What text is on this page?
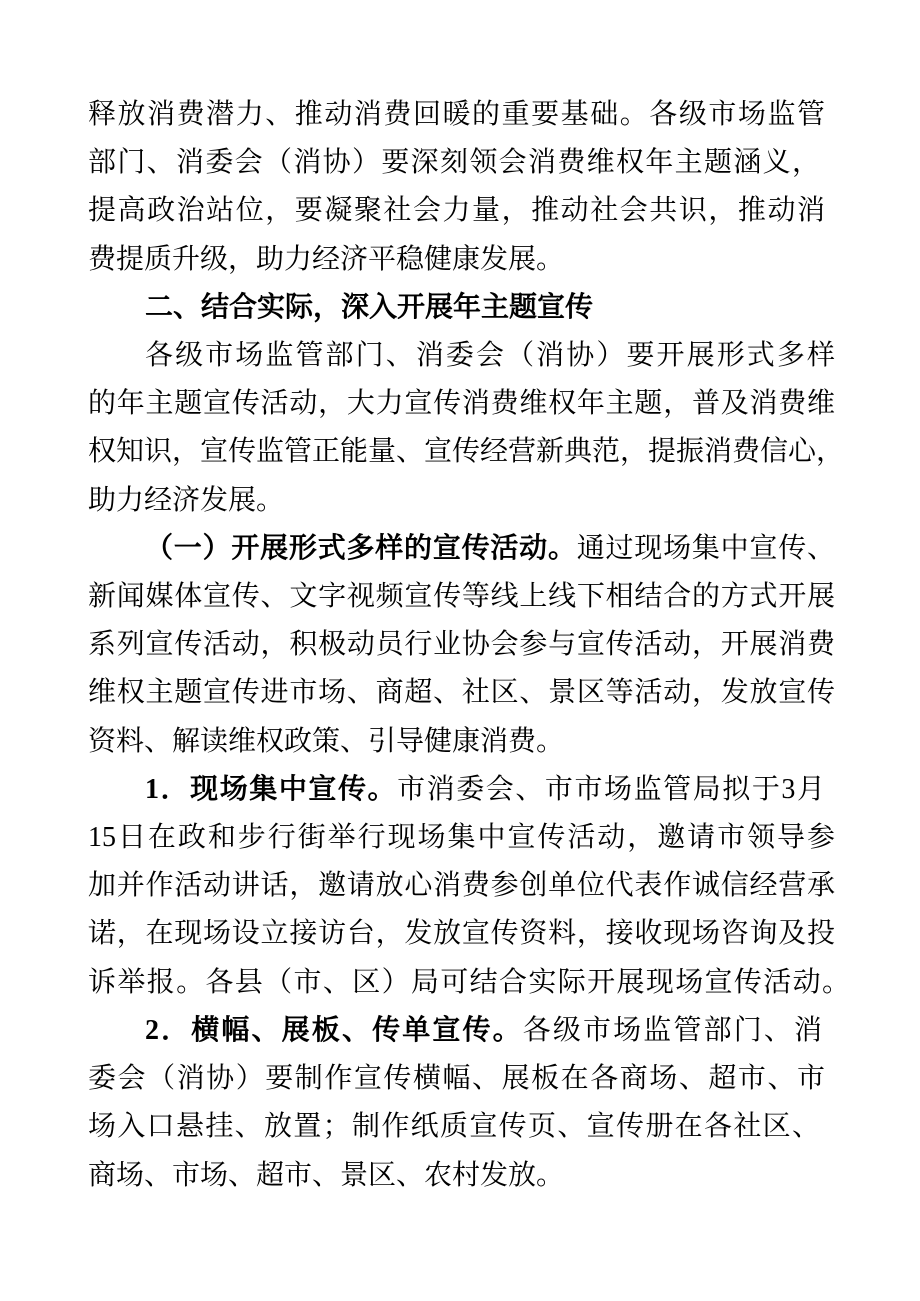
释放消费潜力、推动消费回暖的重要基础。各级市场监管
部门、消委会（消协）要深刻领会消费维权年主题涵义，
提高政治站位，要凝聚社会力量，推动社会共识，推动消
费提质升级，助力经济平稳健康发展。
二、结合实际，深入开展年主题宣传
各级市场监管部门、消委会（消协）要开展形式多样
的年主题宣传活动，大力宣传消费维权年主题，普及消费维
权知识，宣传监管正能量、宣传经营新典范，提振消费信心，
助力经济发展。
（一）开展形式多样的宣传活动。通过现场集中宣传、
新闻媒体宣传、文字视频宣传等线上线下相结合的方式开展
系列宣传活动，积极动员行业协会参与宣传活动，开展消费
维权主题宣传进市场、商超、社区、景区等活动，发放宣传
资料、解读维权政策、引导健康消费。
1．现场集中宣传。市消委会、市市场监管局拟于3月
15日在政和步行街举行现场集中宣传活动，邀请市领导参
加并作活动讲话，邀请放心消费参创单位代表作诚信经营承
诺，在现场设立接访台，发放宣传资料，接收现场咨询及投
诉举报。各县（市、区）局可结合实际开展现场宣传活动。
2．横幅、展板、传单宣传。各级市场监管部门、消
委会（消协）要制作宣传横幅、展板在各商场、超市、市
场入口悬挂、放置；制作纸质宣传页、宣传册在各社区、
商场、市场、超市、景区、农村发放。
